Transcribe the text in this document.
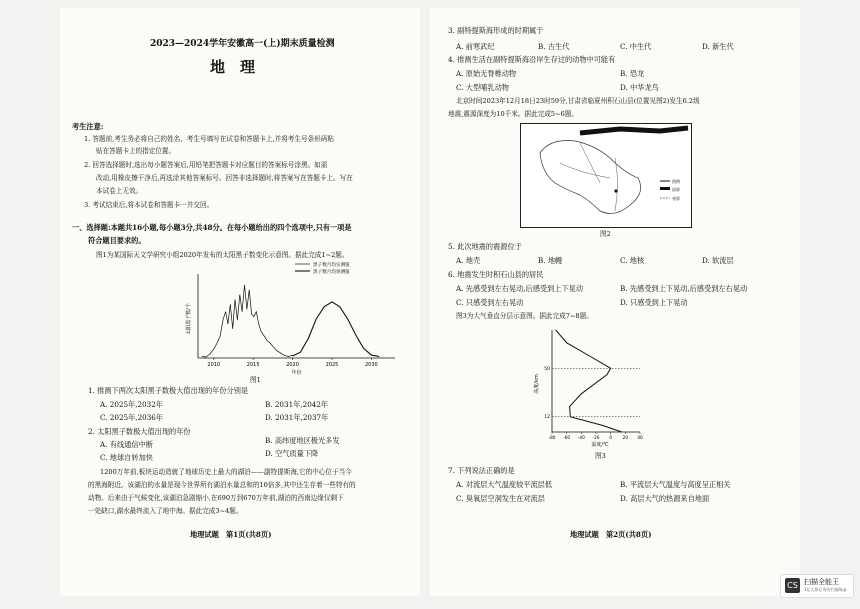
2023—2024学年安徽高一(上)期末质量检测
地　理
考生注意:
1. 答题前,考生务必将自己的姓名、考生号填写在试卷和答题卡上,并将考生号条形码粘
贴在答题卡上的指定位置。
2. 回答选择题时,选出每小题答案后,用铅笔把答题卡对应题目的答案标号涂黑。如需
改动,用橡皮擦干净后,再选涂其他答案标号。回答非选择题时,将答案写在答题卡上。写在
本试卷上无效。
3. 考试结束后,将本试卷和答题卡一并交回。
一、选择题:本题共16小题,每小题3分,共48分。在每小题给出的四个选项中,只有一项是
符合题目要求的。
图1为某国际天文学研究小组2020年发布的太阳黑子数变化示意图。据此完成1~2题。
2010	2015	2020	2025	2030
年份
太阳黑子数/个
黑子数月均实测值
黑子数月均预测值
图1
1. 推测下两次太阳黑子数极大值出现的年份分别是
A. 2025年,2032年	B. 2031年,2042年
C. 2025年,2036年	D. 2031年,2037年
2. 太阳黑子数极大值出现的年份
A. 有线通信中断	B. 高纬度地区极光多发
C. 地球自转加快	D. 空气质量下降
1200万年前,板块运动造就了地球历史上最大的湖泊——副特提斯海,它的中心位于当今
的黑海附近。该湖泊的水量是现今世界所有湖泊水量总和的10倍多,其中还生存着一些特有的
动物。后来由于气候变化,该湖泊急剧缩小,在690万到670万年前,湖泊的西南边缘仅剩下
一处缺口,湖水最终流入了地中海。据此完成3~4题。
地理试题　第1页(共8页)
3. 副特提斯海形成的时期属于
A. 前寒武纪	B. 古生代	C. 中生代	D. 新生代
4. 推测生活在副特提斯海沿岸生存过的动物中可能有
A. 原始无脊椎动物	B. 恐龙
C. 大型哺乳动物	D. 中华龙鸟
北京时间2023年12月18日23时59分,甘肃省临夏州积石山县(位置见图2)发生6.2级
地震,震源深度为10千米。据此完成5~6题。
图例
国界
省界
图2
5. 此次地震的震源位于
A. 地壳	B. 地幔	C. 地核	D. 软流层
6. 地震发生时积石山县的居民
A. 先感受到左右晃动,后感受到上下晃动	B. 先感受到上下晃动,后感受到左右晃动
C. 只感受到左右晃动	D. 只感受到上下晃动
图3为大气垂直分层示意图。据此完成7~8题。
-80 -60 -40 -20 0	20 40
12
50
高度/km
温度/℃
图3
7. 下列说法正确的是
A. 对流层大气温度较平流层低	B. 平流层大气温度与高度呈正相关
C. 臭氧层空洞发生在对流层	D. 高层大气的热源来自地面
地理试题　第2页(共8页)
CS 扫描全能王
3亿人都在用的扫描App
